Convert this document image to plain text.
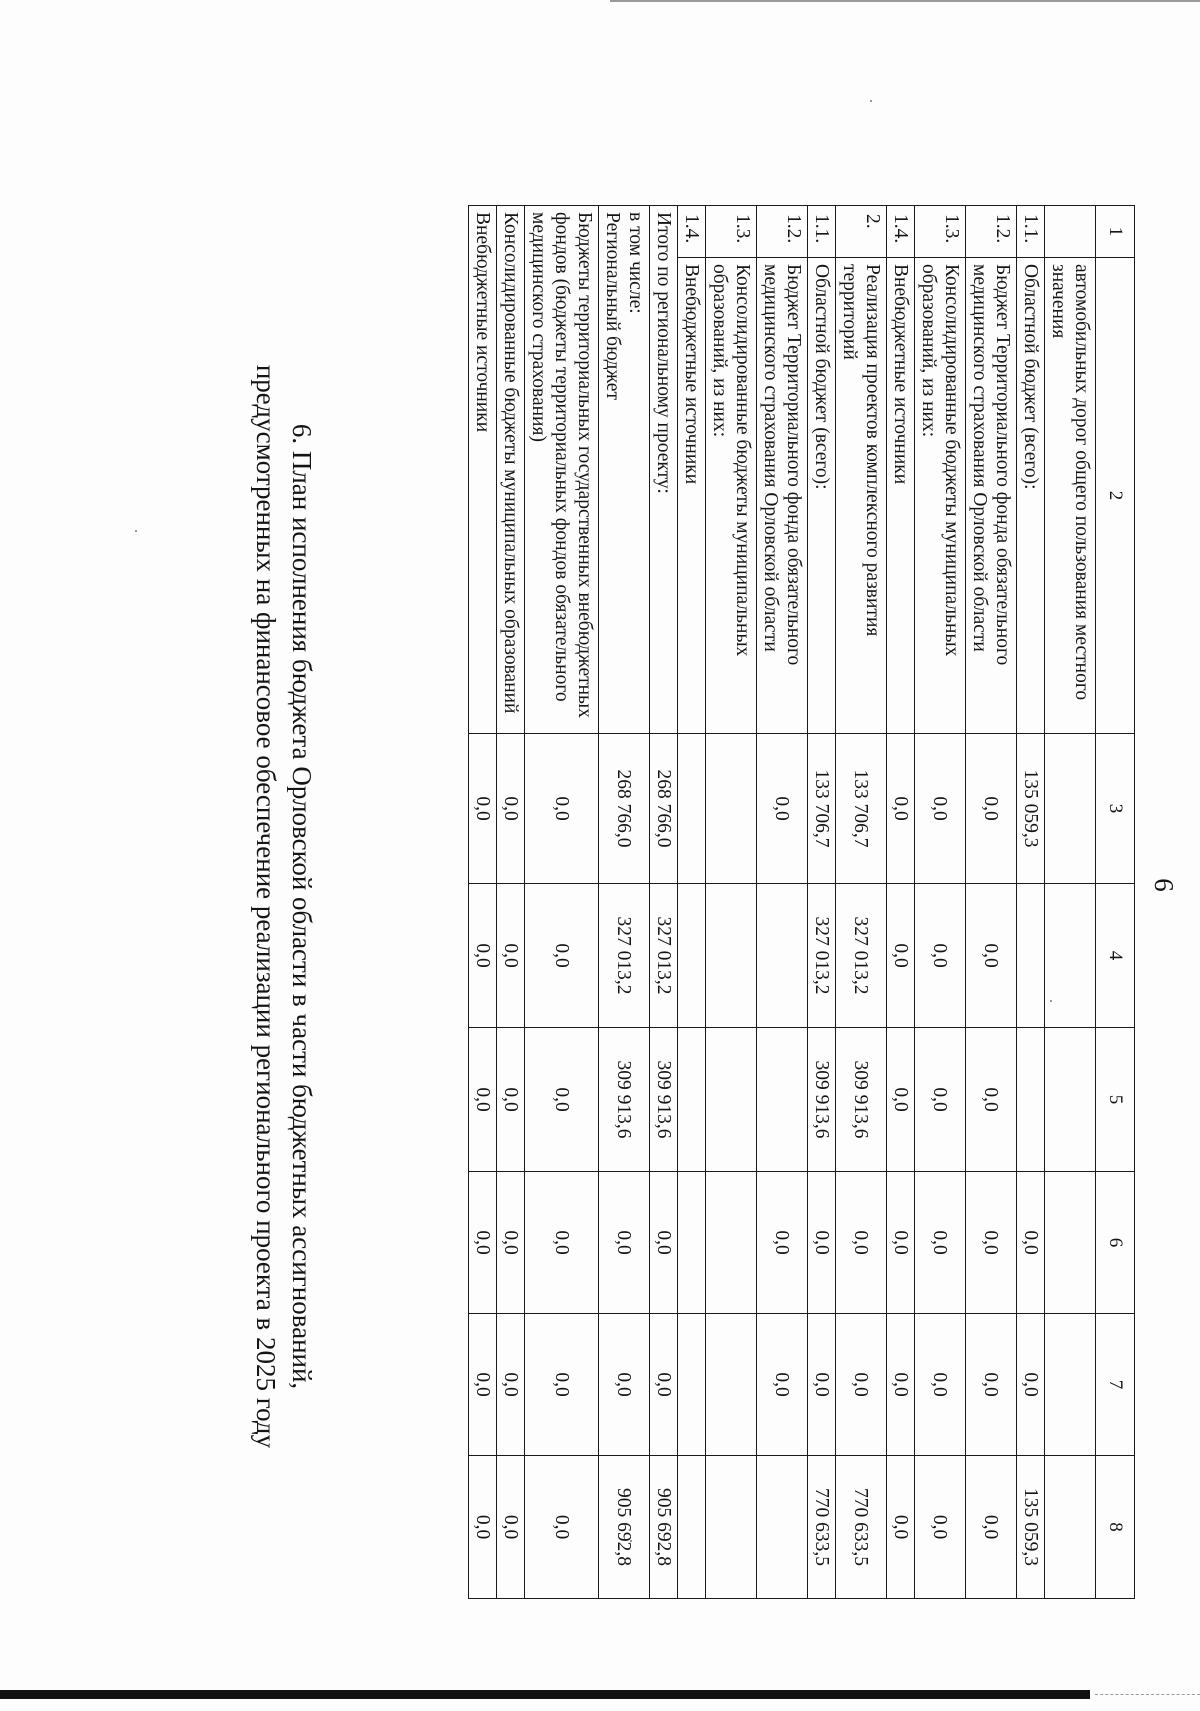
6
1	2	3	4	5	6	7	8
	автомобильных дорог общего пользования местного значения						
1.1.	Областной бюджет (всего):	135 059,3			0,0	0,0	135 059,3
1.2.	Бюджет Территориального фонда обязательного медицинского страхования Орловской области	0,0	0,0	0,0	0,0	0,0	0,0
1.3.	Консолидированные бюджеты муниципальных образований, из них:	0,0	0,0	0,0	0,0	0,0	0,0
1.4.	Внебюджетные источники	0,0	0,0	0,0	0,0	0,0	0,0
2.	Реализация проектов комплексного развития территорий	133 706,7	327 013,2	309 913,6	0,0	0,0	770 633,5
1.1.	Областной бюджет (всего):	133 706,7	327 013,2	309 913,6	0,0	0,0	770 633,5
1.2.	Бюджет Территориального фонда обязательного медицинского страхования Орловской области	0,0			0,0	0,0	
1.3.	Консолидированные бюджеты муниципальных образований, из них:						
1.4.	Внебюджетные источники						
Итого по региональному проекту:		268 766,0	327 013,2	309 913,6	0,0	0,0	905 692,8
в том числе:
Региональный бюджет		268 766,0	327 013,2	309 913,6	0,0	0,0	905 692,8
Бюджеты территориальных государственных внебюджетных фондов (бюджеты территориальных фондов обязательного медицинского страхования)		0,0	0,0	0,0	0,0	0,0	0,0
Консолидированные бюджеты муниципальных образований		0,0	0,0	0,0	0,0	0,0	0,0
Внебюджетные источники		0,0	0,0	0,0	0,0	0,0	0,0
6. План исполнения бюджета Орловской области в части бюджетных ассигнований,
предусмотренных на финансовое обеспечение реализации регионального проекта в 2025 году
